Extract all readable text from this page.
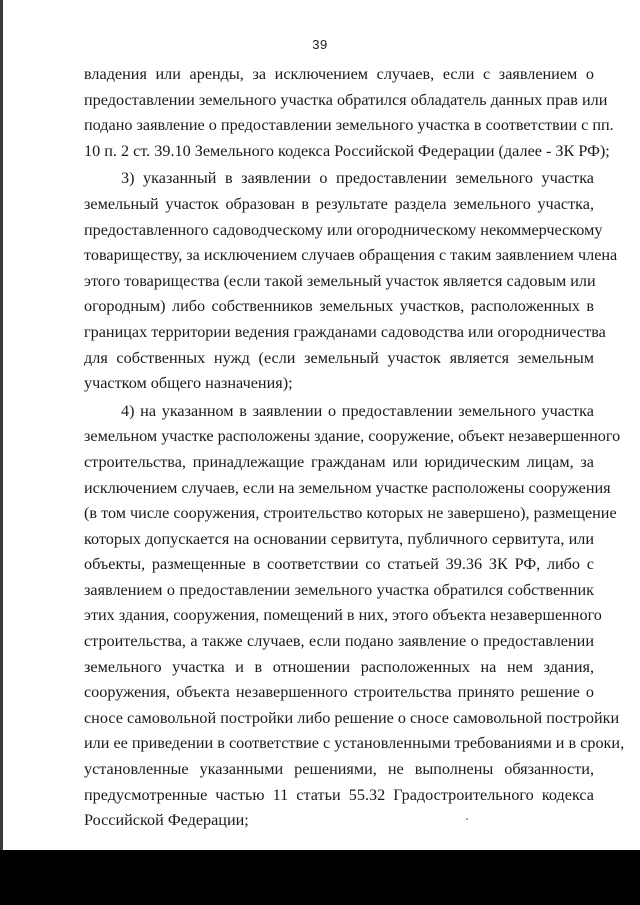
39
владения или аренды, за исключением случаев, если с заявлением о
предоставлении земельного участка обратился обладатель данных прав или
подано заявление о предоставлении земельного участка в соответствии с пп.
10 п. 2 ст. 39.10 Земельного кодекса Российской Федерации (далее - ЗК РФ);
3) указанный в заявлении о предоставлении земельного участка
земельный участок образован в результате раздела земельного участка,
предоставленного садоводческому или огородническому некоммерческому
товариществу, за исключением случаев обращения с таким заявлением члена
этого товарищества (если такой земельный участок является садовым или
огородным) либо собственников земельных участков, расположенных в
границах территории ведения гражданами садоводства или огородничества
для собственных нужд (если земельный участок является земельным
участком общего назначения);
4) на указанном в заявлении о предоставлении земельного участка
земельном участке расположены здание, сооружение, объект незавершенного
строительства, принадлежащие гражданам или юридическим лицам, за
исключением случаев, если на земельном участке расположены сооружения
(в том числе сооружения, строительство которых не завершено), размещение
которых допускается на основании сервитута, публичного сервитута, или
объекты, размещенные в соответствии со статьей 39.36 ЗК РФ, либо с
заявлением о предоставлении земельного участка обратился собственник
этих здания, сооружения, помещений в них, этого объекта незавершенного
строительства, а также случаев, если подано заявление о предоставлении
земельного участка и в отношении расположенных на нем здания,
сооружения, объекта незавершенного строительства принято решение о
сносе самовольной постройки либо решение о сносе самовольной постройки
или ее приведении в соответствие с установленными требованиями и в сроки,
установленные указанными решениями, не выполнены обязанности,
предусмотренные частью 11 статьи 55.32 Градостроительного кодекса
Российской Федерации;
